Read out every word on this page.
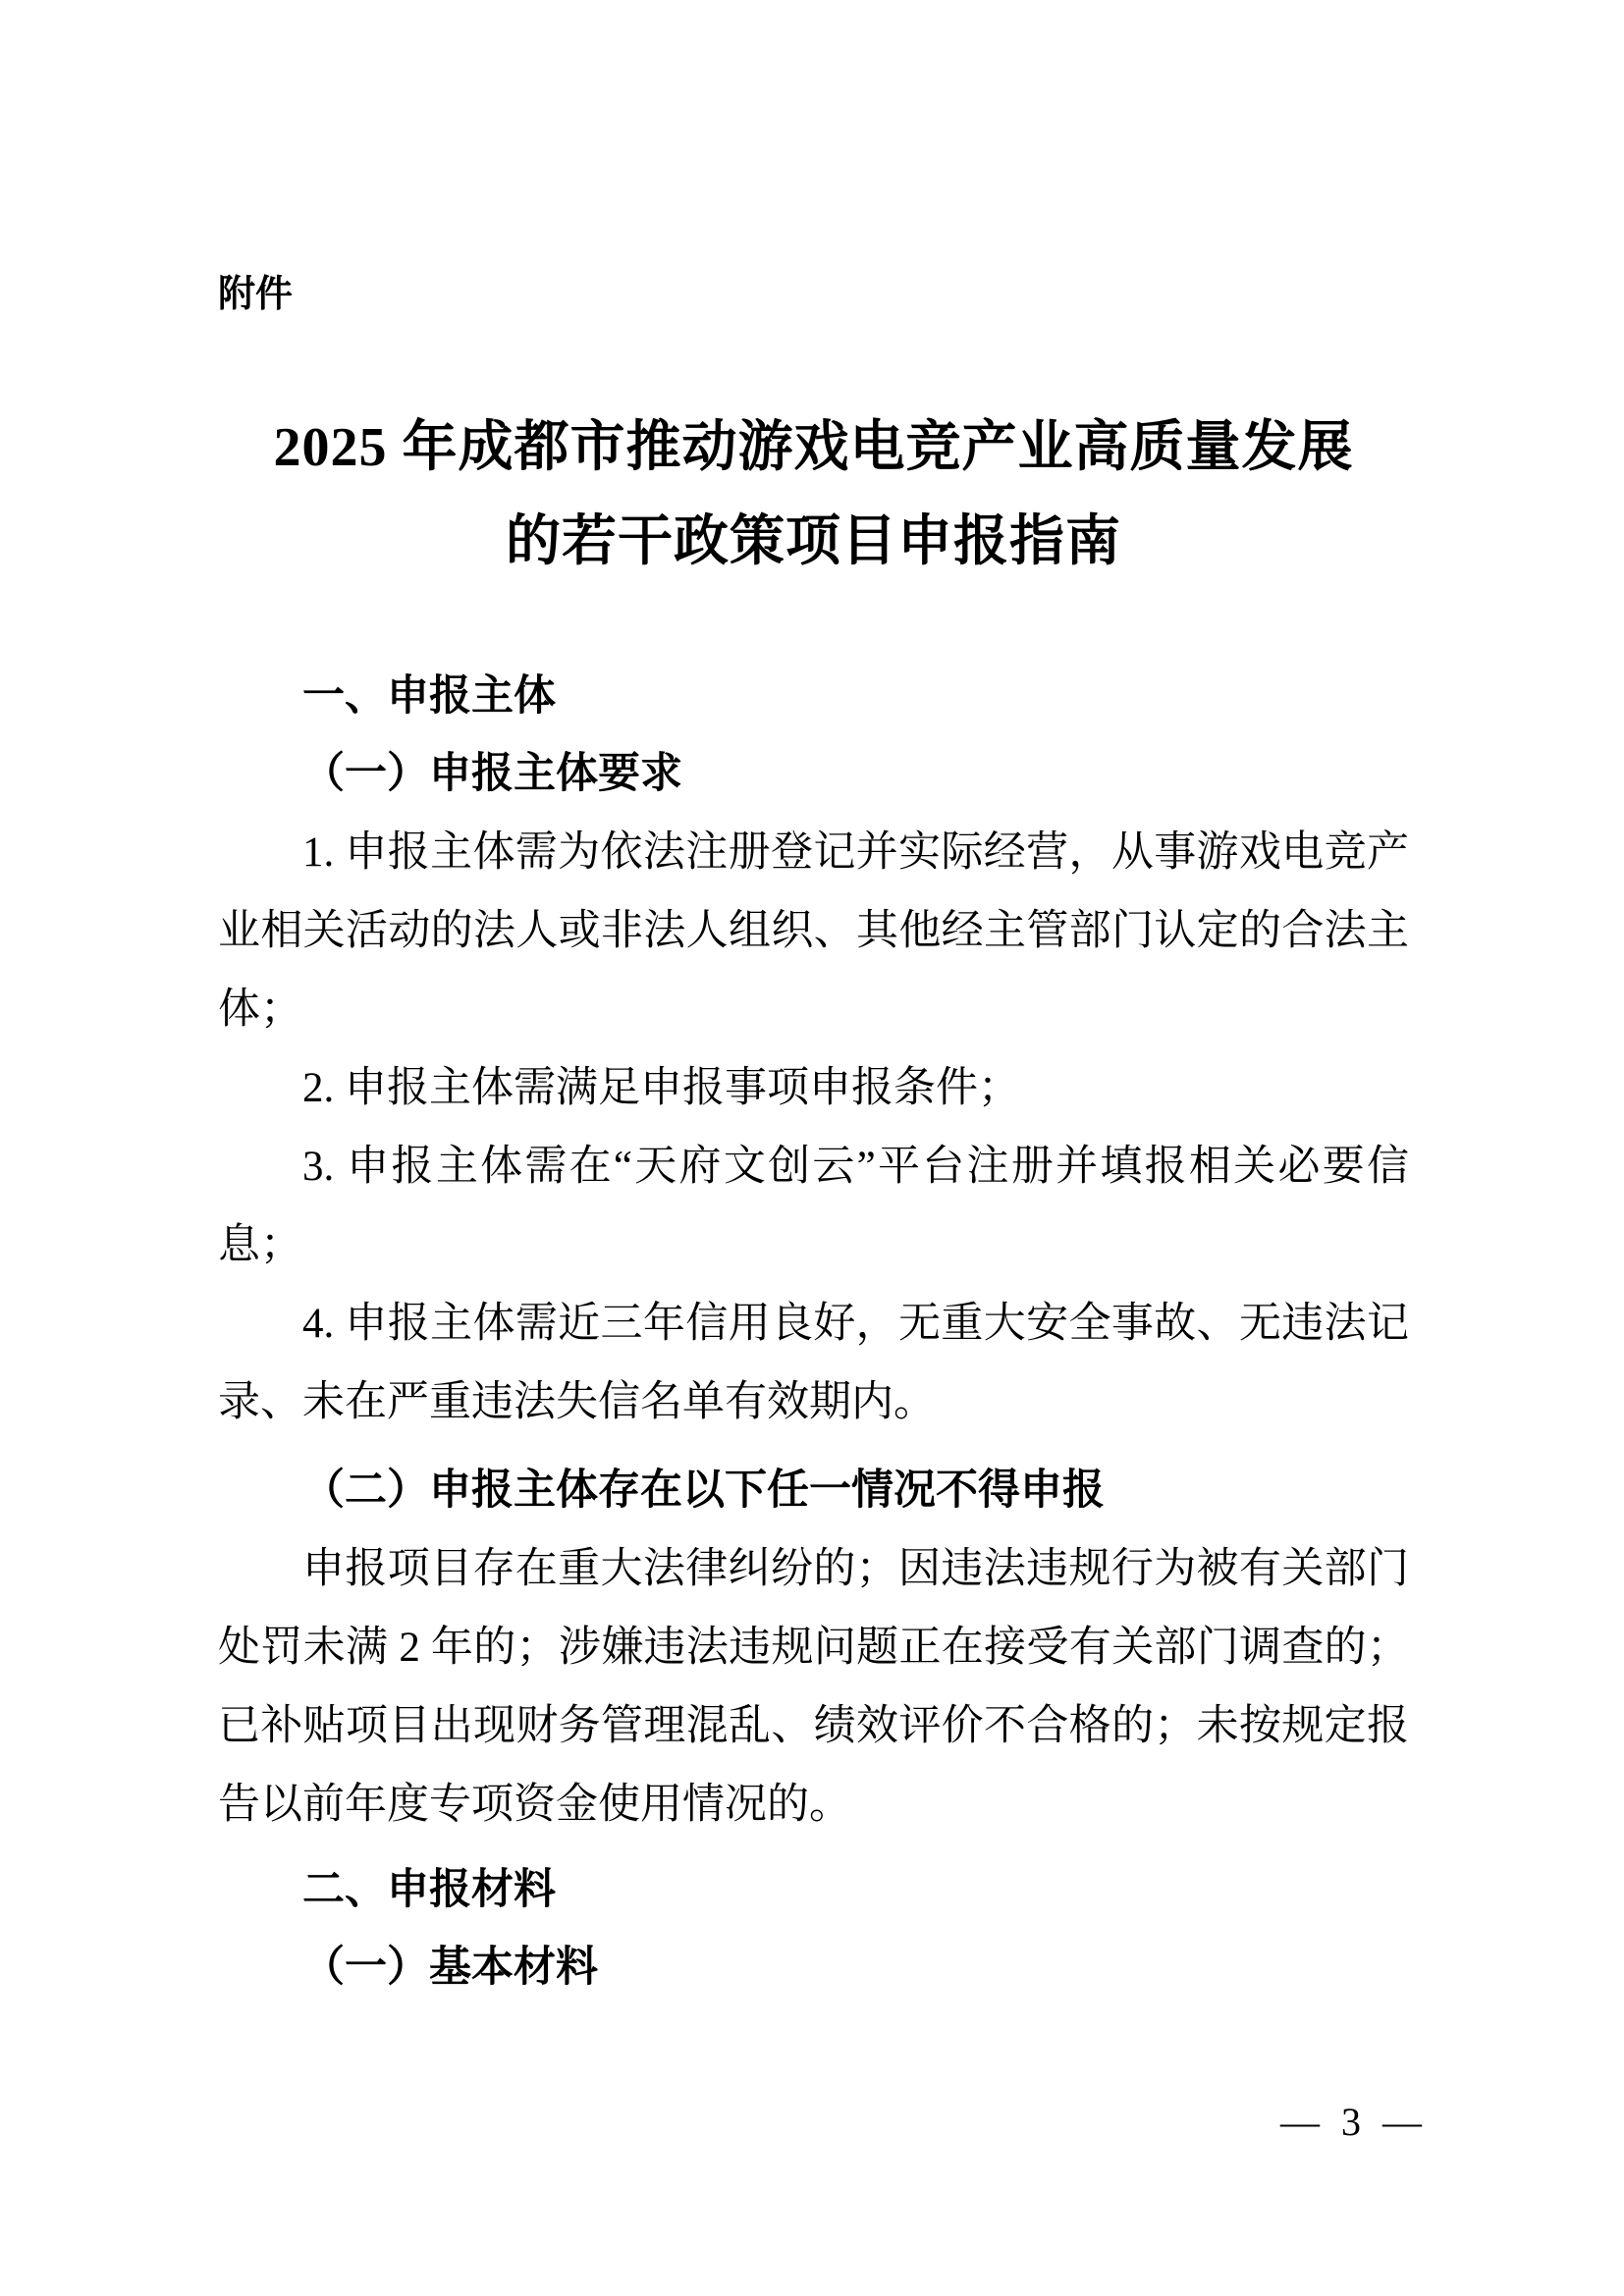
附件
2025 年成都市推动游戏电竞产业高质量发展
的若干政策项目申报指南
一、申报主体
（一）申报主体要求

1. 申报主体需为依法注册登记并实际经营，从事游戏电竞产业相关活动的法人或非法人组织、其他经主管部门认定的合法主体；

2. 申报主体需满足申报事项申报条件；

3. 申报主体需在“天府文创云”平台注册并填报相关必要信息；

4. 申报主体需近三年信用良好，无重大安全事故、无违法记录、未在严重违法失信名单有效期内。

（二）申报主体存在以下任一情况不得申报

申报项目存在重大法律纠纷的；因违法违规行为被有关部门处罚未满 2 年的；涉嫌违法违规问题正在接受有关部门调查的；已补贴项目出现财务管理混乱、绩效评价不合格的；未按规定报告以前年度专项资金使用情况的。

二、申报材料
（一）基本材料
— 3 —
